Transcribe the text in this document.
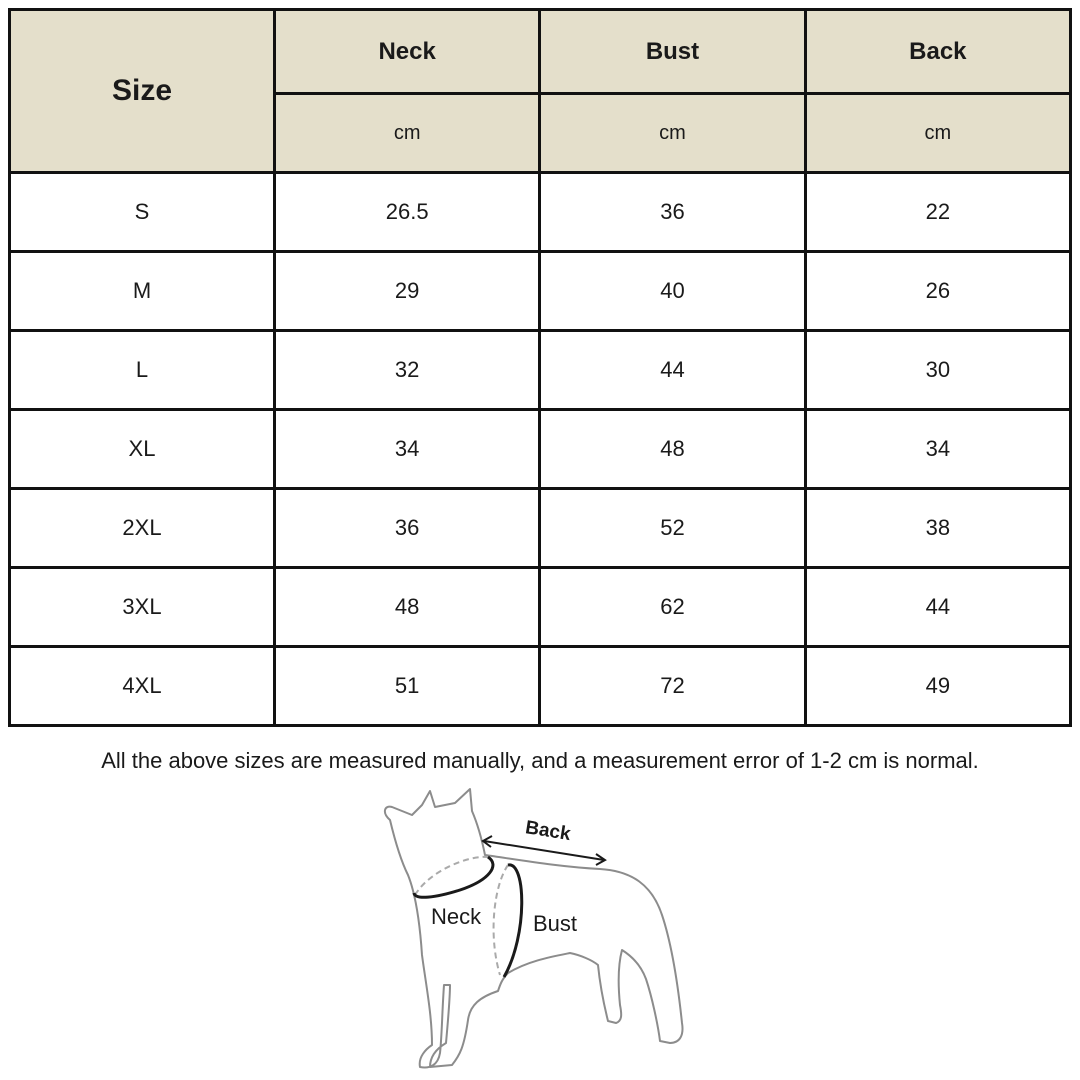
Size	Neck	Bust	Back
	cm	cm	cm
S	26.5	36	22
M	29	40	26
L	32	44	30
XL	34	48	34
2XL	36	52	38
3XL	48	62	44
4XL	51	72	49
All the above sizes are measured manually, and a measurement error of 1-2 cm is normal.
Back
Neck Bust
